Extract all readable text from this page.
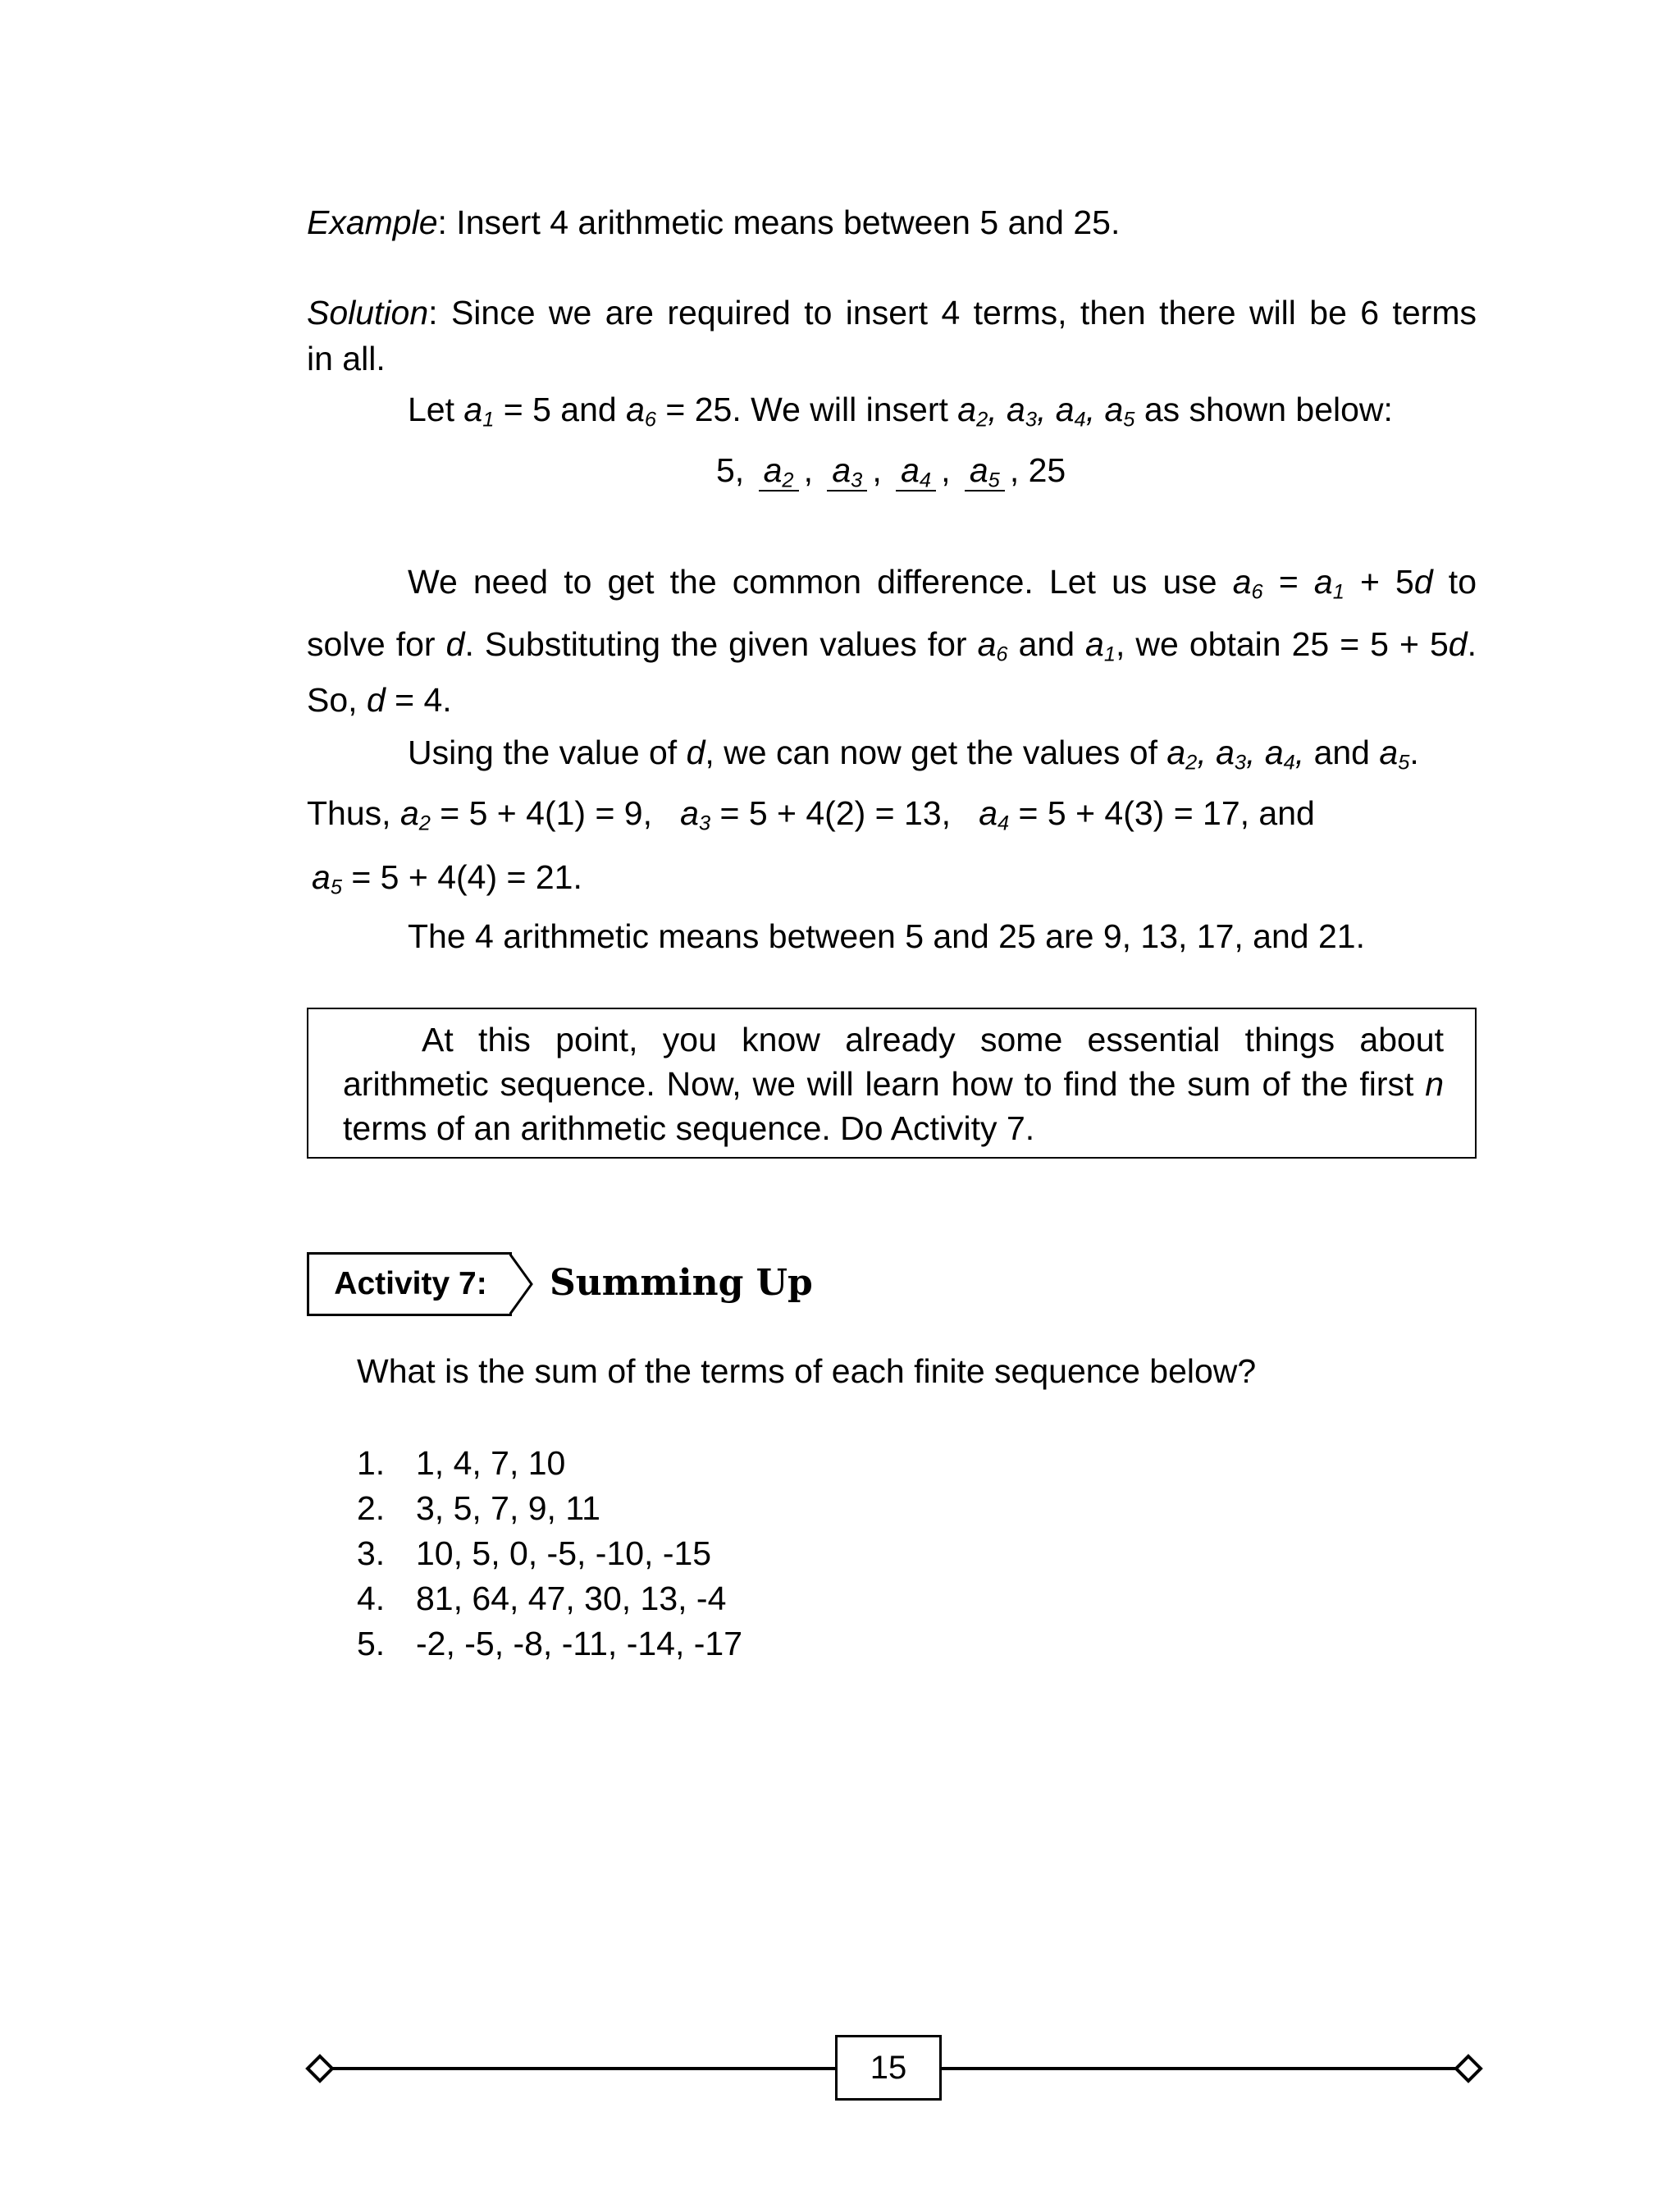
Example: Insert 4 arithmetic means between 5 and 25.
Solution: Since we are required to insert 4 terms, then there will be 6 terms
in all.
Let $a_1 = 5$ and $a_6 = 25$. We will insert $a_2$, $a_3$, $a_4$, $a_5$ as shown below:
5, $a_2$ , $a_3$ , $a_4$ , $a_5$ , 25
We need to get the common difference. Let us use $a_6 = a_1 + 5d$ to
solve for d. Substituting the given values for $a_6$ and $a_1$, we obtain 25 = 5 + 5d.
So, d = 4.
Using the value of d, we can now get the values of $a_2$, $a_3$, $a_4$, and $a_5$.
Thus, $a_2 = 5 + 4(1) = 9$, $a_3 = 5 + 4(2) = 13$, $a_4 = 5 + 4(3) = 17$, and
$a_5 = 5 + 4(4) = 21$.
The 4 arithmetic means between 5 and 25 are 9, 13, 17, and 21.
At this point, you know already some essential things about arithmetic sequence. Now, we will learn how to find the sum of the first n terms of an arithmetic sequence. Do Activity 7.
Activity 7: Summing Up
What is the sum of the terms of each finite sequence below?
1. 1, 4, 7, 10
2. 3, 5, 7, 9, 11
3. 10, 5, 0, -5, -10, -15
4. 81, 64, 47, 30, 13, -4
5. -2, -5, -8, -11, -14, -17
15
